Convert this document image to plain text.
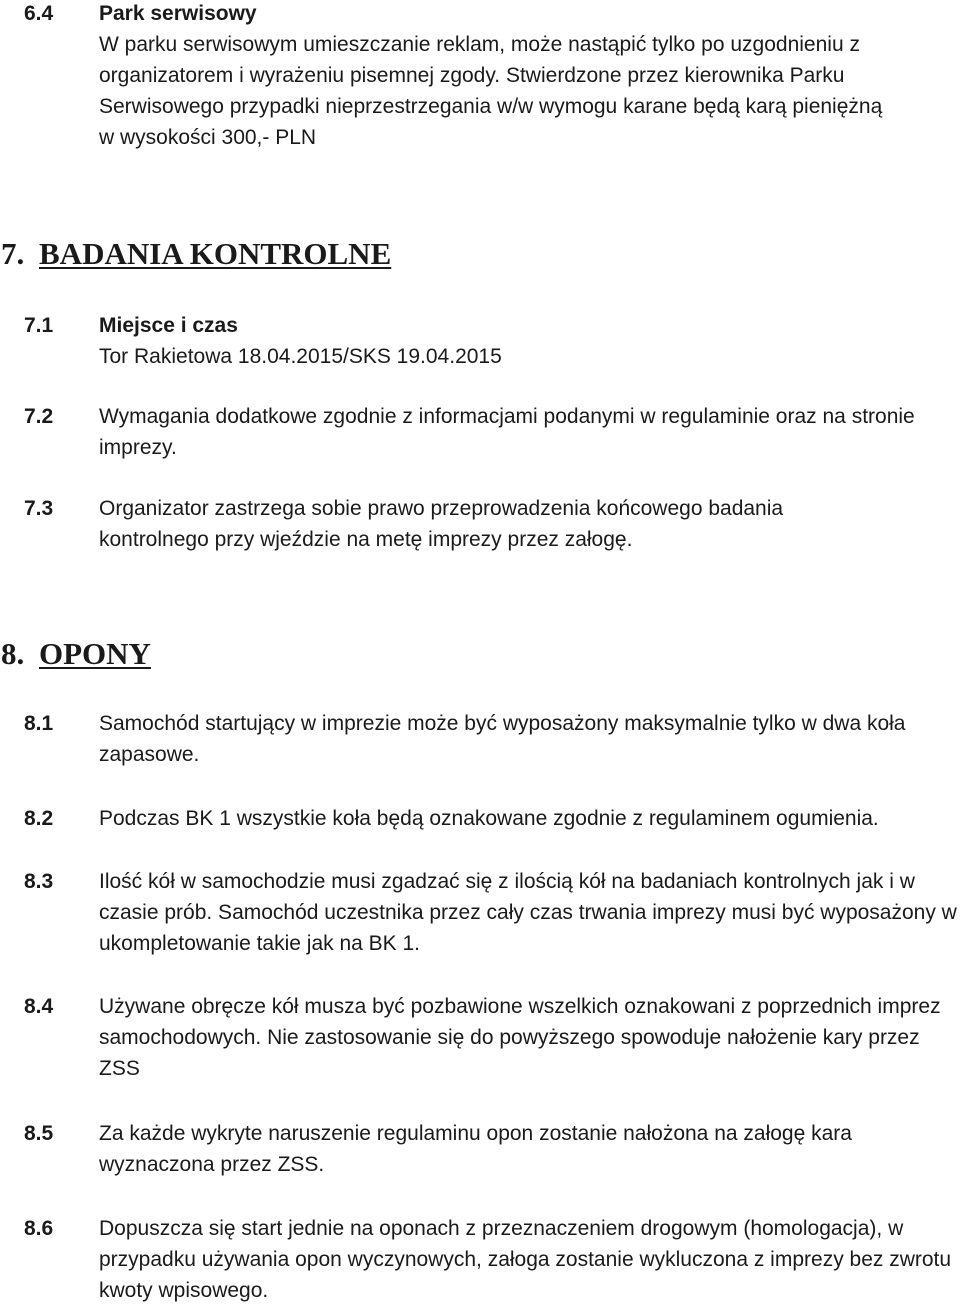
6.4 Park serwisowy
W parku serwisowym umieszczanie reklam, może nastąpić tylko po uzgodnieniu z organizatorem i wyrażeniu pisemnej zgody. Stwierdzone przez kierownika Parku Serwisowego przypadki nieprzestrzegania w/w wymogu karane będą karą pieniężną w wysokości 300,- PLN
7. BADANIA KONTROLNE
7.1 Miejsce i czas
Tor Rakietowa 18.04.2015/SKS 19.04.2015
7.2 Wymagania dodatkowe zgodnie z informacjami podanymi w regulaminie oraz na stronie imprezy.
7.3 Organizator zastrzega sobie prawo przeprowadzenia końcowego badania kontrolnego przy wjeździe na metę imprezy przez załogę.
8. OPONY
8.1 Samochód startujący w imprezie może być wyposażony maksymalnie tylko w dwa koła zapasowe.
8.2 Podczas BK 1 wszystkie koła będą oznakowane zgodnie z regulaminem ogumienia.
8.3 Ilość kół w samochodzie musi zgadzać się z ilością kół na badaniach kontrolnych jak i w czasie prób. Samochód uczestnika przez cały czas trwania imprezy musi być wyposażony w ukompletowanie takie jak na BK 1.
8.4 Używane obręcze kół musza być pozbawione wszelkich oznakowani z poprzednich imprez samochodowych. Nie zastosowanie się do powyższego spowoduje nałożenie kary przez ZSS
8.5 Za każde wykryte naruszenie regulaminu opon zostanie nałożona na załogę kara wyznaczona przez ZSS.
8.6 Dopuszcza się start jednie na oponach z przeznaczeniem drogowym (homologacja), w przypadku używania opon wyczynowych, załoga zostanie wykluczona z imprezy bez zwrotu kwoty wpisowego.
